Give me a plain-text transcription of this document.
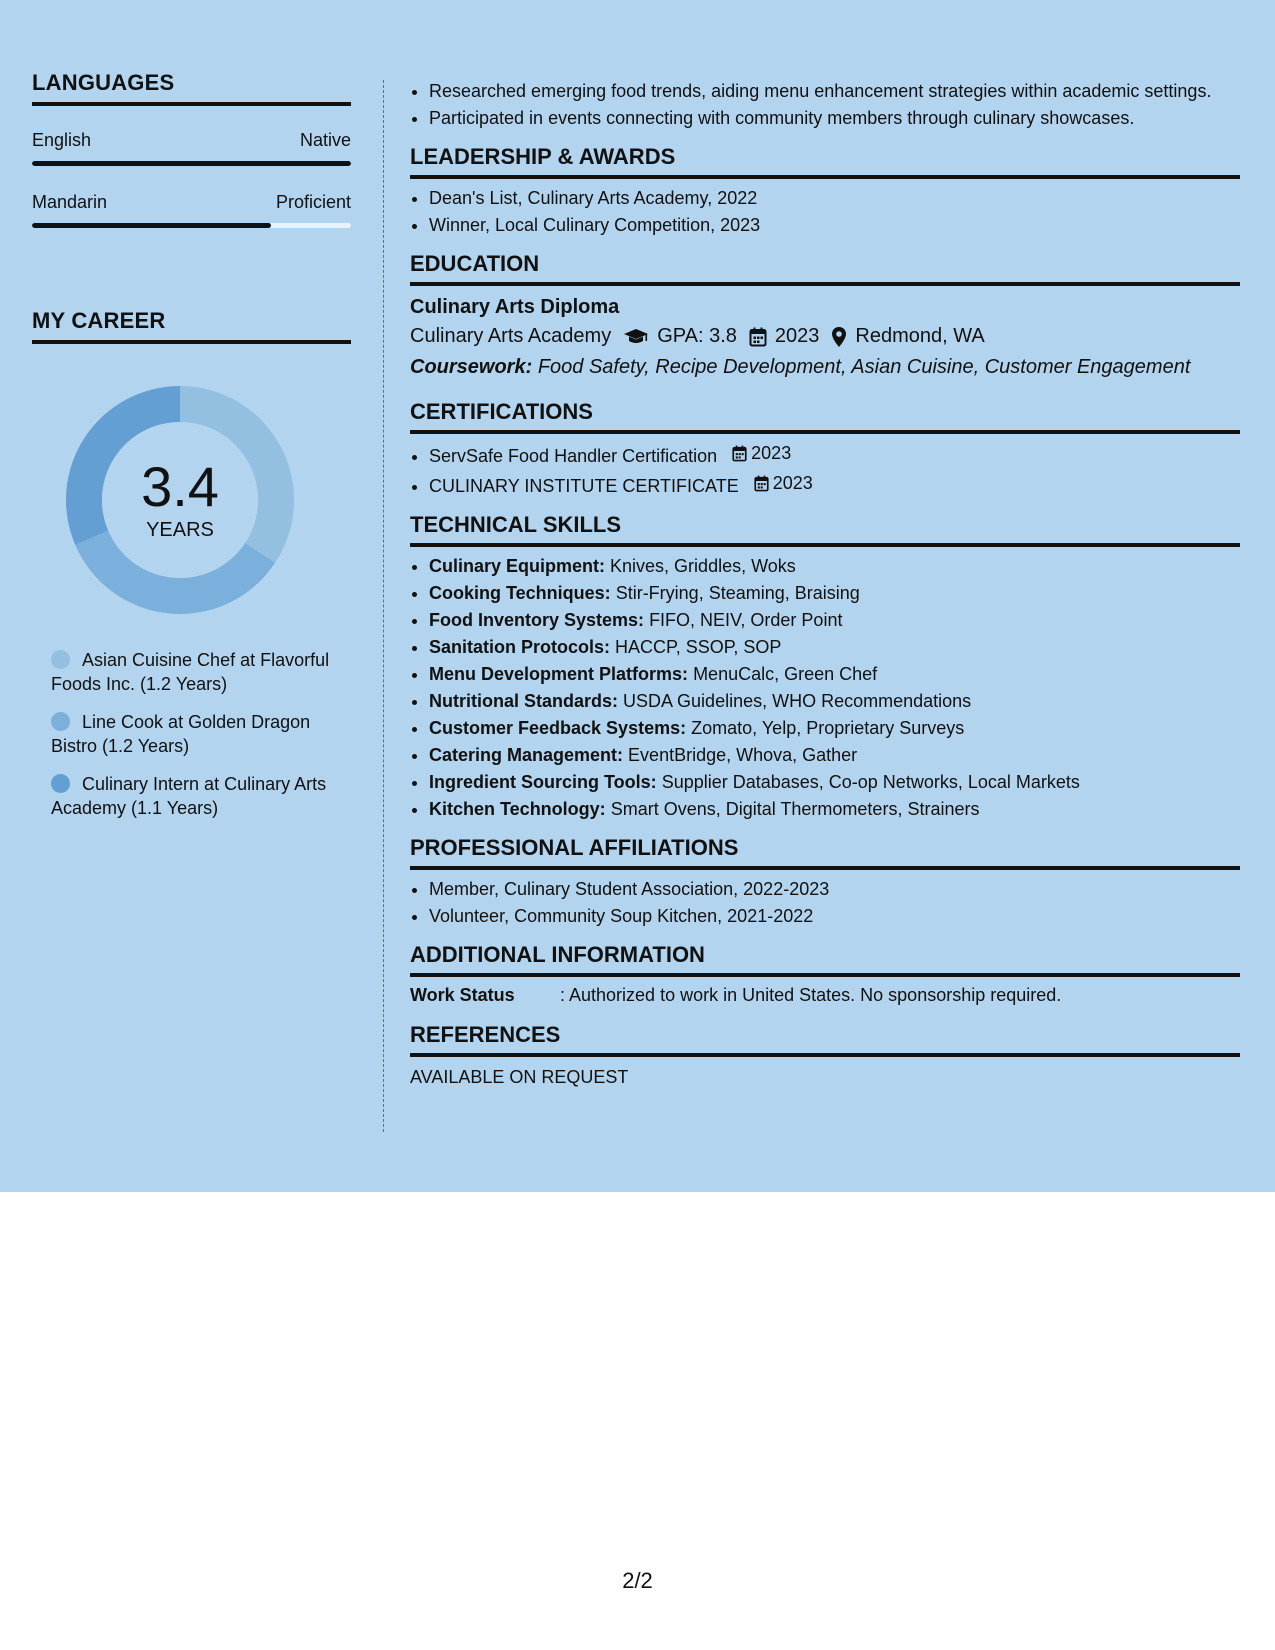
LANGUAGES
English	Native
Mandarin	Proficient
MY CAREER
3.4
YEARS
Asian Cuisine Chef at Flavorful Foods Inc. (1.2 Years)
Line Cook at Golden Dragon Bistro (1.2 Years)
Culinary Intern at Culinary Arts Academy (1.1 Years)
• Researched emerging food trends, aiding menu enhancement strategies within academic settings.
• Participated in events connecting with community members through culinary showcases.
LEADERSHIP & AWARDS
• Dean's List, Culinary Arts Academy, 2022
• Winner, Local Culinary Competition, 2023
EDUCATION
Culinary Arts Diploma
Culinary Arts Academy GPA: 3.8 2023 Redmond, WA
Coursework: Food Safety, Recipe Development, Asian Cuisine, Customer Engagement
CERTIFICATIONS
• ServSafe Food Handler Certification 2023
• CULINARY INSTITUTE CERTIFICATE 2023
TECHNICAL SKILLS
• Culinary Equipment: Knives, Griddles, Woks
• Cooking Techniques: Stir-Frying, Steaming, Braising
• Food Inventory Systems: FIFO, NEIV, Order Point
• Sanitation Protocols: HACCP, SSOP, SOP
• Menu Development Platforms: MenuCalc, Green Chef
• Nutritional Standards: USDA Guidelines, WHO Recommendations
• Customer Feedback Systems: Zomato, Yelp, Proprietary Surveys
• Catering Management: EventBridge, Whova, Gather
• Ingredient Sourcing Tools: Supplier Databases, Co-op Networks, Local Markets
• Kitchen Technology: Smart Ovens, Digital Thermometers, Strainers
PROFESSIONAL AFFILIATIONS
• Member, Culinary Student Association, 2022-2023
• Volunteer, Community Soup Kitchen, 2021-2022
ADDITIONAL INFORMATION
Work Status	: Authorized to work in United States. No sponsorship required.
REFERENCES
AVAILABLE ON REQUEST
2/2
